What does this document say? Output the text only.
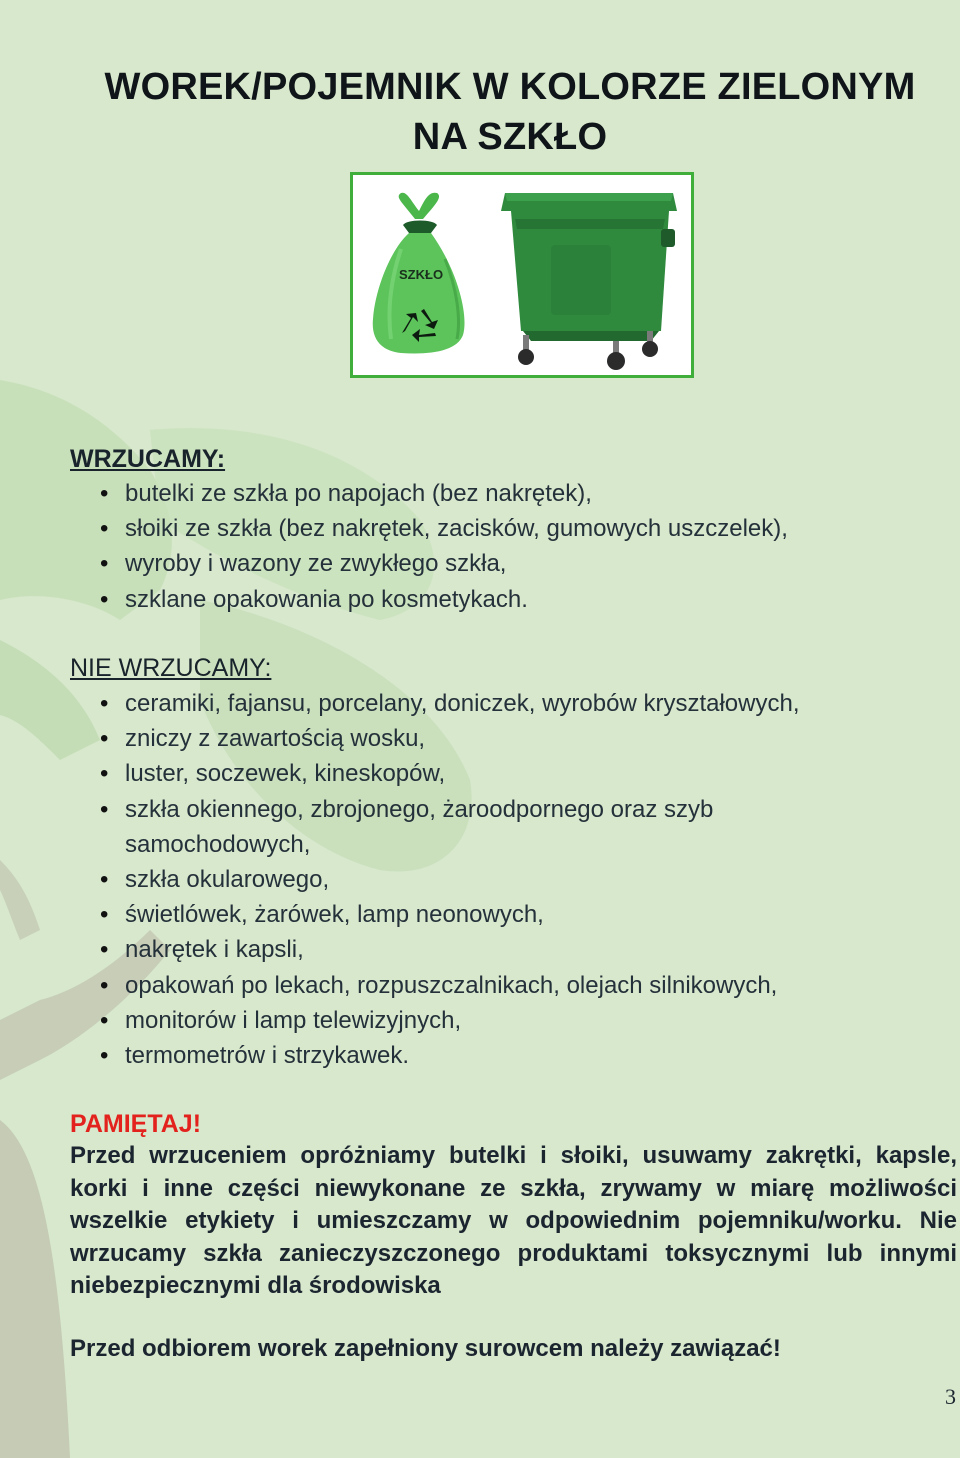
WOREK/POJEMNIK W KOLORZE ZIELONYM
NA SZKŁO
SZKŁO
WRZUCAMY:
• butelki ze szkła po napojach (bez nakrętek),
• słoiki ze szkła (bez nakrętek, zacisków, gumowych uszczelek),
• wyroby i wazony ze zwykłego szkła,
• szklane opakowania po kosmetykach.
NIE WRZUCAMY:
• ceramiki, fajansu, porcelany, doniczek, wyrobów kryształowych,
• zniczy z zawartością wosku,
• luster, soczewek, kineskopów,
• szkła okiennego, zbrojonego, żaroodpornego oraz szyb samochodowych,
• szkła okularowego,
• świetlówek, żarówek, lamp neonowych,
• nakrętek i kapsli,
• opakowań po lekach, rozpuszczalnikach, olejach silnikowych,
• monitorów i lamp telewizyjnych,
• termometrów i strzykawek.
PAMIĘTAJ!
Przed wrzuceniem opróżniamy butelki i słoiki, usuwamy zakrętki, kapsle, korki i inne części niewykonane ze szkła, zrywamy w miarę możliwości wszelkie etykiety i umieszczamy w odpowiednim pojemniku/worku. Nie wrzucamy szkła zanieczyszczonego produktami toksycznymi lub innymi niebezpiecznymi dla środowiska
Przed odbiorem worek zapełniony surowcem należy zawiązać!
3
